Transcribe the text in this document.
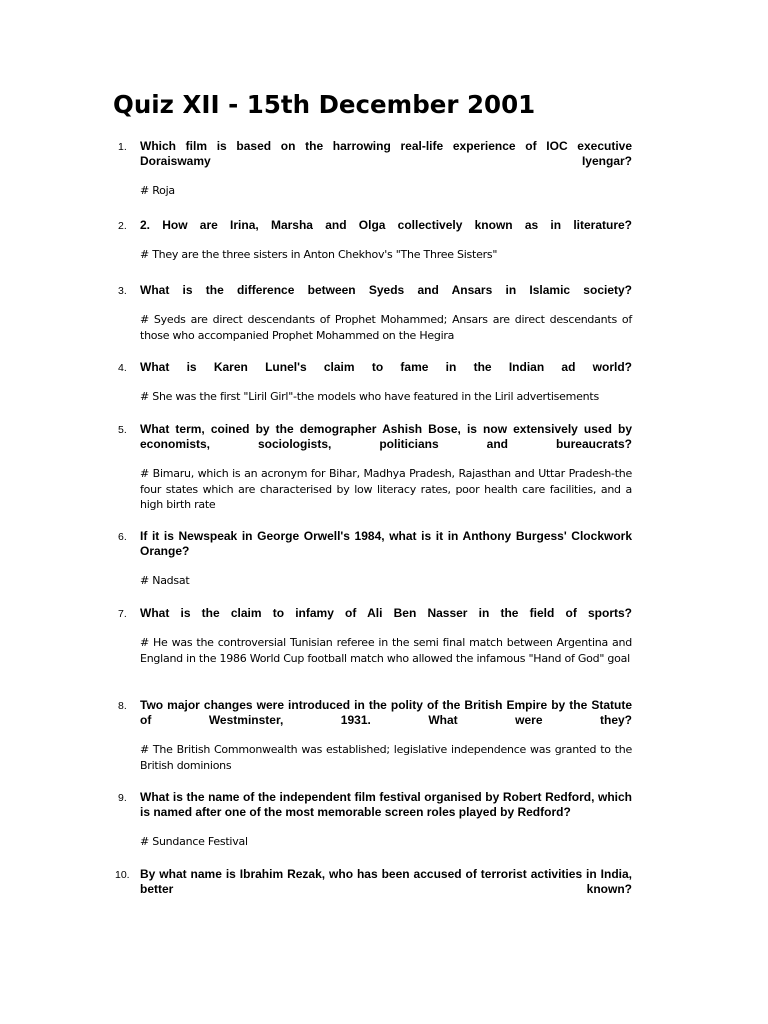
Quiz XII - 15th December 2001
1. Which film is based on the harrowing real-life experience of IOC executive Doraiswamy Iyengar?
# Roja
2. 2. How are Irina, Marsha and Olga collectively known as in literature?
# They are the three sisters in Anton Chekhov's "The Three Sisters"
3. What is the difference between Syeds and Ansars in Islamic society?
# Syeds are direct descendants of Prophet Mohammed; Ansars are direct descendants of those who accompanied Prophet Mohammed on the Hegira
4. What is Karen Lunel's claim to fame in the Indian ad world?
# She was the first "Liril Girl"-the models who have featured in the Liril advertisements
5. What term, coined by the demographer Ashish Bose, is now extensively used by economists, sociologists, politicians and bureaucrats?
# Bimaru, which is an acronym for Bihar, Madhya Pradesh, Rajasthan and Uttar Pradesh-the four states which are characterised by low literacy rates, poor health care facilities, and a high birth rate
6. If it is Newspeak in George Orwell's 1984, what is it in Anthony Burgess' Clockwork Orange?
# Nadsat
7. What is the claim to infamy of Ali Ben Nasser in the field of sports?
# He was the controversial Tunisian referee in the semi final match between Argentina and England in the 1986 World Cup football match who allowed the infamous "Hand of God" goal
8. Two major changes were introduced in the polity of the British Empire by the Statute of Westminster, 1931. What were they?
# The British Commonwealth was established; legislative independence was granted to the British dominions
9. What is the name of the independent film festival organised by Robert Redford, which is named after one of the most memorable screen roles played by Redford?
# Sundance Festival
10. By what name is Ibrahim Rezak, who has been accused of terrorist activities in India, better known?
